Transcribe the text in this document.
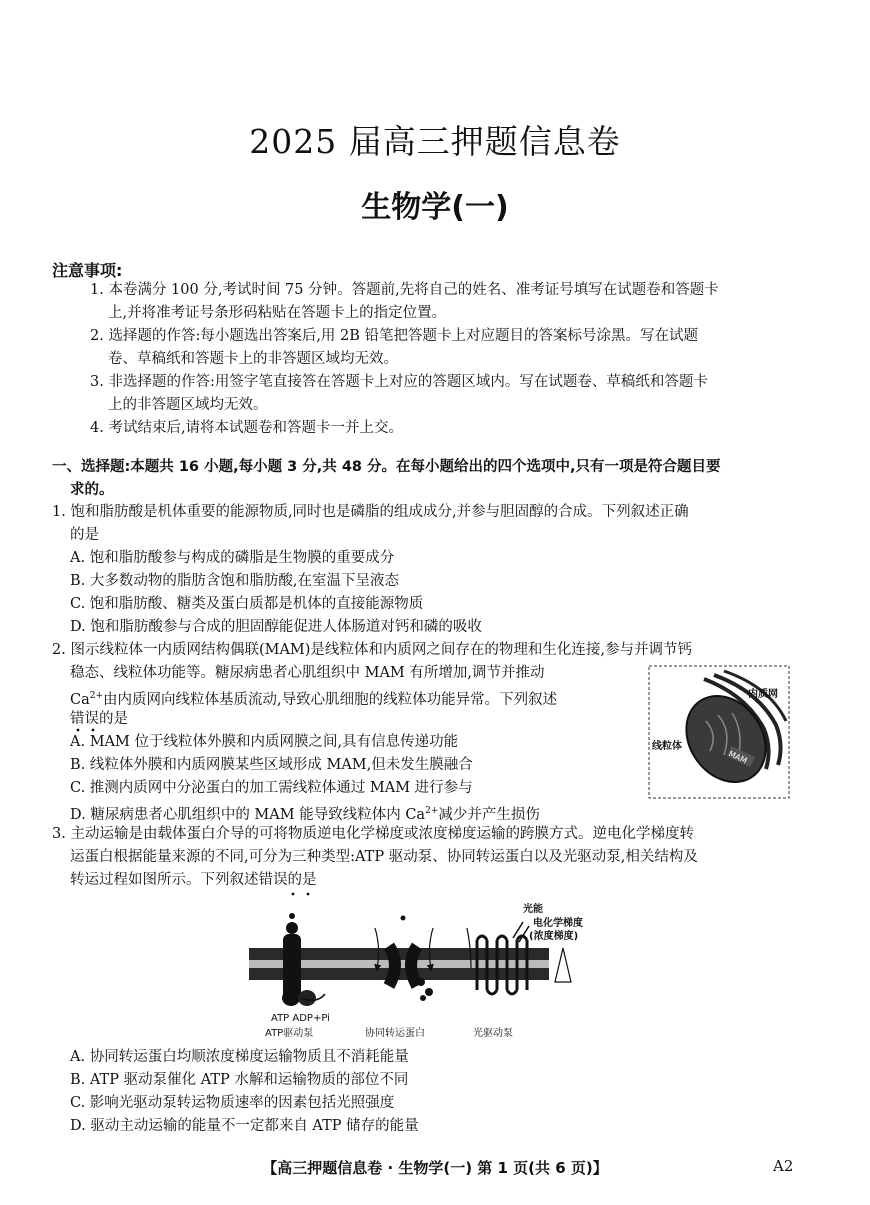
2025 届高三押题信息卷
生物学(一)
注意事项:
1. 本卷满分 100 分,考试时间 75 分钟。答题前,先将自己的姓名、准考证号填写在试题卷和答题卡
上,并将准考证号条形码粘贴在答题卡上的指定位置。
2. 选择题的作答:每小题选出答案后,用 2B 铅笔把答题卡上对应题目的答案标号涂黑。写在试题
卷、草稿纸和答题卡上的非答题区域均无效。
3. 非选择题的作答:用签字笔直接答在答题卡上对应的答题区域内。写在试题卷、草稿纸和答题卡
上的非答题区域均无效。
4. 考试结束后,请将本试题卷和答题卡一并上交。
一、选择题:本题共 16 小题,每小题 3 分,共 48 分。在每小题给出的四个选项中,只有一项是符合题目要
求的。
1. 饱和脂肪酸是机体重要的能源物质,同时也是磷脂的组成成分,并参与胆固醇的合成。下列叙述正确
的是
A. 饱和脂肪酸参与构成的磷脂是生物膜的重要成分
B. 大多数动物的脂肪含饱和脂肪酸,在室温下呈液态
C. 饱和脂肪酸、糖类及蛋白质都是机体的直接能源物质
D. 饱和脂肪酸参与合成的胆固醇能促进人体肠道对钙和磷的吸收
2. 图示线粒体一内质网结构偶联(MAM)是线粒体和内质网之间存在的物理和生化连接,参与并调节钙
稳态、线粒体功能等。糖尿病患者心肌组织中 MAM 有所增加,调节并推动
$Ca^{2+}$由内质网向线粒体基质流动,导致心肌细胞的线粒体功能异常。下列叙述
错误的是
A. MAM 位于线粒体外膜和内质网膜之间,具有信息传递功能
B. 线粒体外膜和内质网膜某些区域形成 MAM,但未发生膜融合
C. 推测内质网中分泌蛋白的加工需线粒体通过 MAM 进行参与
D. 糖尿病患者心肌组织中的 MAM 能导致线粒体内 $Ca^{2+}$减少并产生损伤
MAM
内质网
线粒体
3. 主动运输是由载体蛋白介导的可将物质逆电化学梯度或浓度梯度运输的跨膜方式。逆电化学梯度转
运蛋白根据能量来源的不同,可分为三种类型:ATP 驱动泵、协同转运蛋白以及光驱动泵,相关结构及
转运过程如图所示。下列叙述错误的是
ATP ADP+Pi
光能
电化学梯度
(浓度梯度)
ATP驱动泵	协同转运蛋白	光驱动泵
A. 协同转运蛋白均顺浓度梯度运输物质且不消耗能量
B. ATP 驱动泵催化 ATP 水解和运输物质的部位不同
C. 影响光驱动泵转运物质速率的因素包括光照强度
D. 驱动主动运输的能量不一定都来自 ATP 储存的能量
【高三押题信息卷 · 生物学(一) 第 1 页(共 6 页)】	A2
